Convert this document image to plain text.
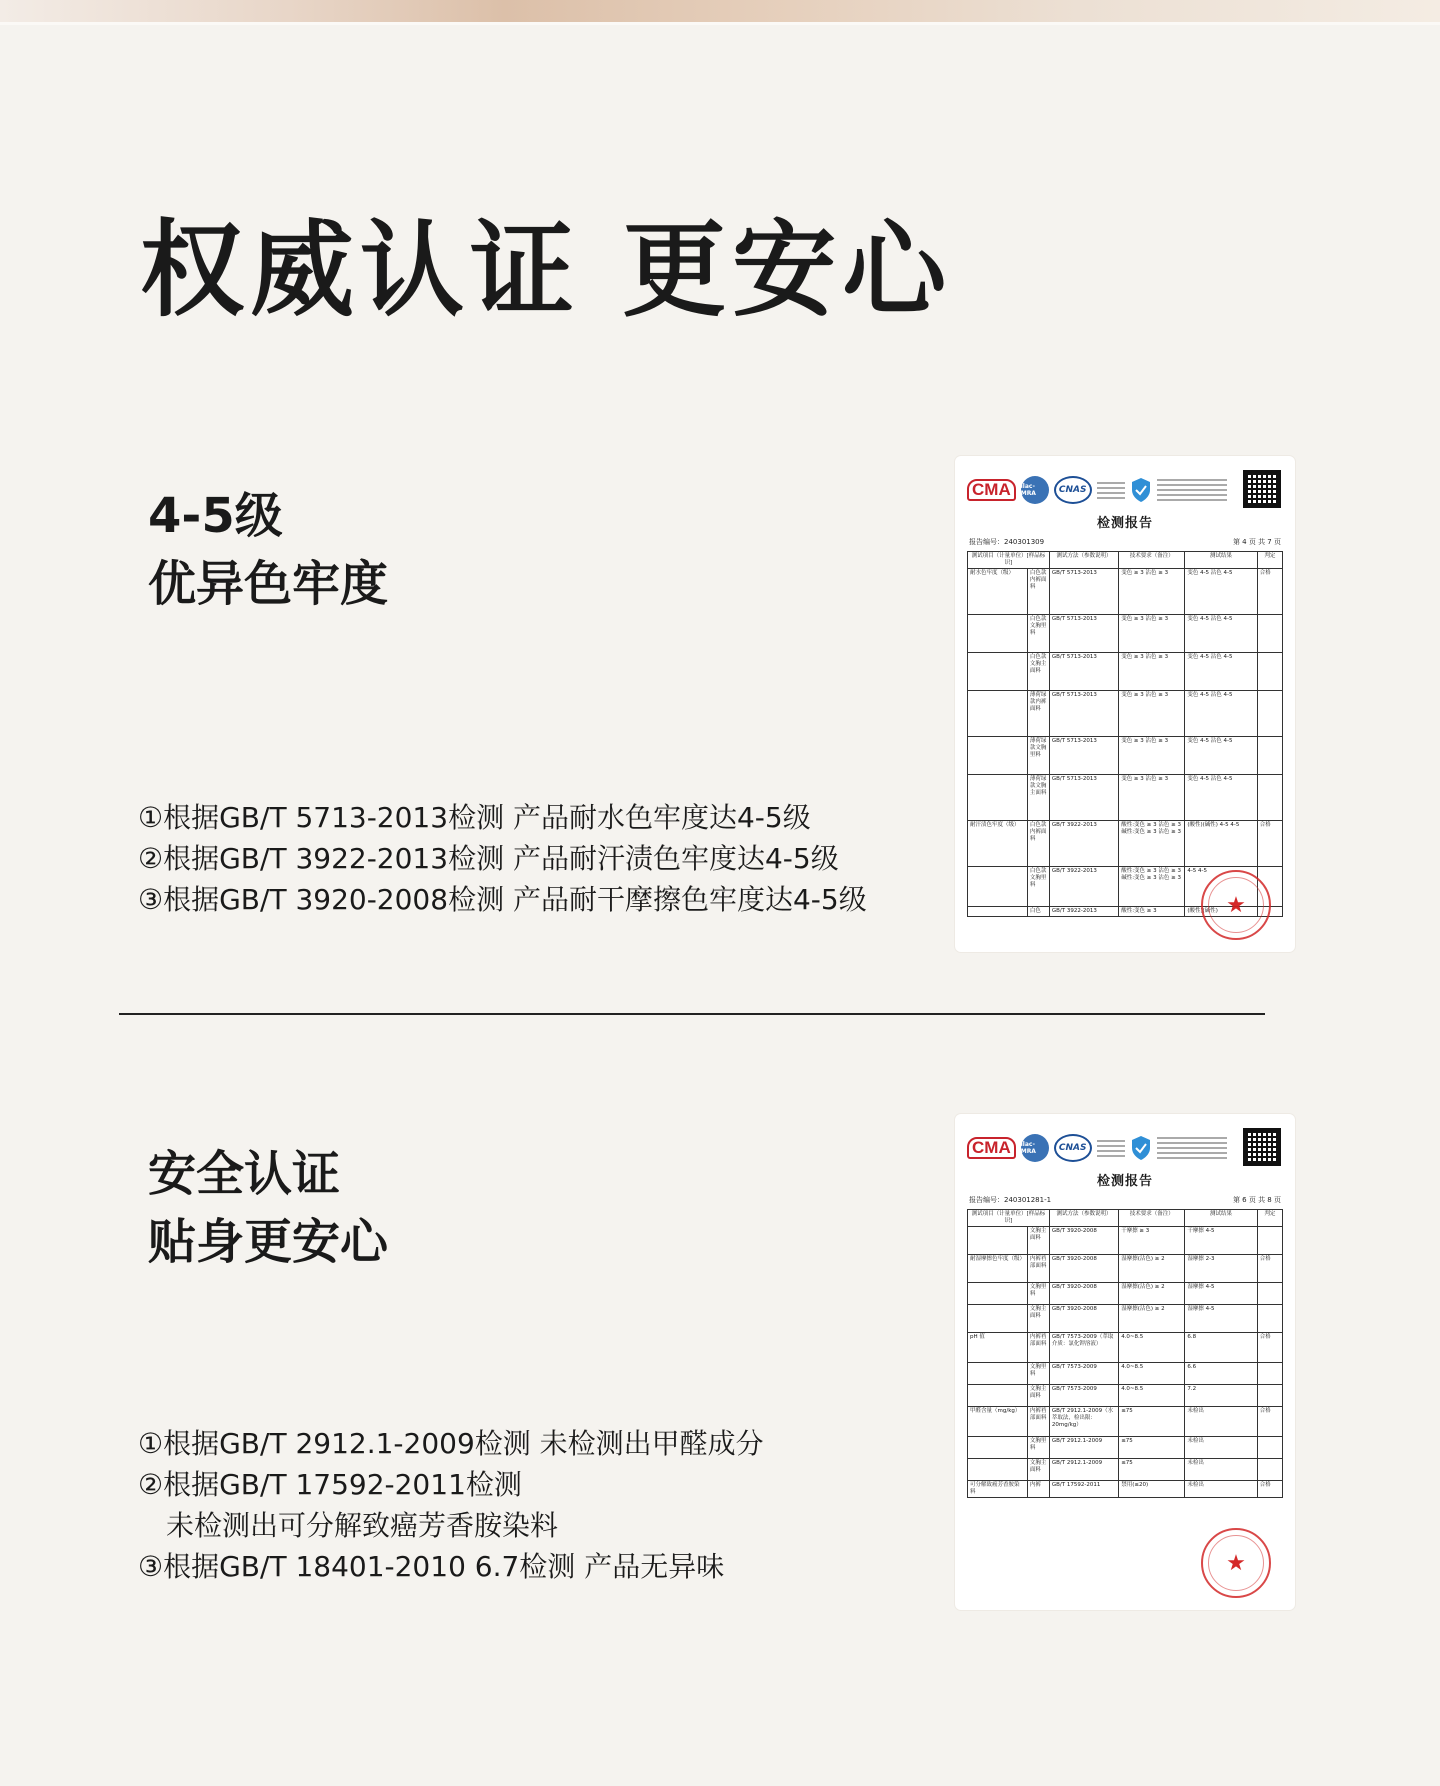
权威认证 更安心
4-5级
优异色牢度
①根据GB/T 5713-2013检测 产品耐水色牢度达4-5级
②根据GB/T 3922-2013检测 产品耐汗渍色牢度达4-5级
③根据GB/T 3920-2008检测 产品耐干摩擦色牢度达4-5级
CMA	ilac-MRA	CNAS
检测报告
报告编号：240301309	第 4 页 共 7 页
测试项目（计量单位）[样品标识]		测试方法（参数说明）	技术要求（备注）	测试结果	判定
耐水色牢度（级）	白色款内裤面料	GB/T 5713-2013	变色 ≥ 3 沾色 ≥ 3	变色 4-5 沾色 4-5	合格
	白色款文胸里料	GB/T 5713-2013	变色 ≥ 3 沾色 ≥ 3	变色 4-5 沾色 4-5	
	白色款文胸主面料	GB/T 5713-2013	变色 ≥ 3 沾色 ≥ 3	变色 4-5 沾色 4-5	
	薄荷绿款内裤面料	GB/T 5713-2013	变色 ≥ 3 沾色 ≥ 3	变色 4-5 沾色 4-5	
	薄荷绿款文胸里料	GB/T 5713-2013	变色 ≥ 3 沾色 ≥ 3	变色 4-5 沾色 4-5	
	薄荷绿款文胸主面料	GB/T 5713-2013	变色 ≥ 3 沾色 ≥ 3	变色 4-5 沾色 4-5	
耐汗渍色牢度（级）	白色款内裤面料	GB/T 3922-2013	酸性:变色 ≥ 3 沾色 ≥ 3 碱性:变色 ≥ 3 沾色 ≥ 3	(酸性)(碱性) 4-5 4-5	合格
	白色款文胸里料	GB/T 3922-2013	酸性:变色 ≥ 3 沾色 ≥ 3 碱性:变色 ≥ 3 沾色 ≥ 3	4-5 4-5	
	白色	GB/T 3922-2013	酸性:变色 ≥ 3	(酸性)(碱性)	★
安全认证
贴身更安心
①根据GB/T 2912.1-2009检测 未检测出甲醛成分
②根据GB/T 17592-2011检测
未检测出可分解致癌芳香胺染料
③根据GB/T 18401-2010 6.7检测 产品无异味
CMA	ilac-MRA	CNAS
检测报告
报告编号：240301281-1	第 6 页 共 8 页
测试项目（计量单位）[样品标识]		测试方法（参数说明）	技术要求（备注）	测试结果	判定
	文胸主面料	GB/T 3920-2008	干摩擦 ≥ 3	干摩擦 4-5	
耐湿摩擦色牢度（级）	内裤裆部面料	GB/T 3920-2008	湿摩擦(沾色) ≥ 2	湿摩擦 2-3	合格
	文胸里料	GB/T 3920-2008	湿摩擦(沾色) ≥ 2	湿摩擦 4-5	
	文胸主面料	GB/T 3920-2008	湿摩擦(沾色) ≥ 2	湿摩擦 4-5	
pH 值	内裤裆部面料	GB/T 7573-2009（萃取介质：氯化钾溶液）	4.0~8.5	6.8	合格
	文胸里料	GB/T 7573-2009	4.0~8.5	6.6	
	文胸主面料	GB/T 7573-2009	4.0~8.5	7.2	
甲醛含量（mg/kg）	内裤裆部面料	GB/T 2912.1-2009（水萃取法，检出限：20mg/kg）	≤75	未检出	合格
	文胸里料	GB/T 2912.1-2009	≤75	未检出	
	文胸主面料	GB/T 2912.1-2009	≤75	未检出	
可分解致癌芳香胺染料	内裤	GB/T 17592-2011	禁用(≤20)	未检出	合格
★
